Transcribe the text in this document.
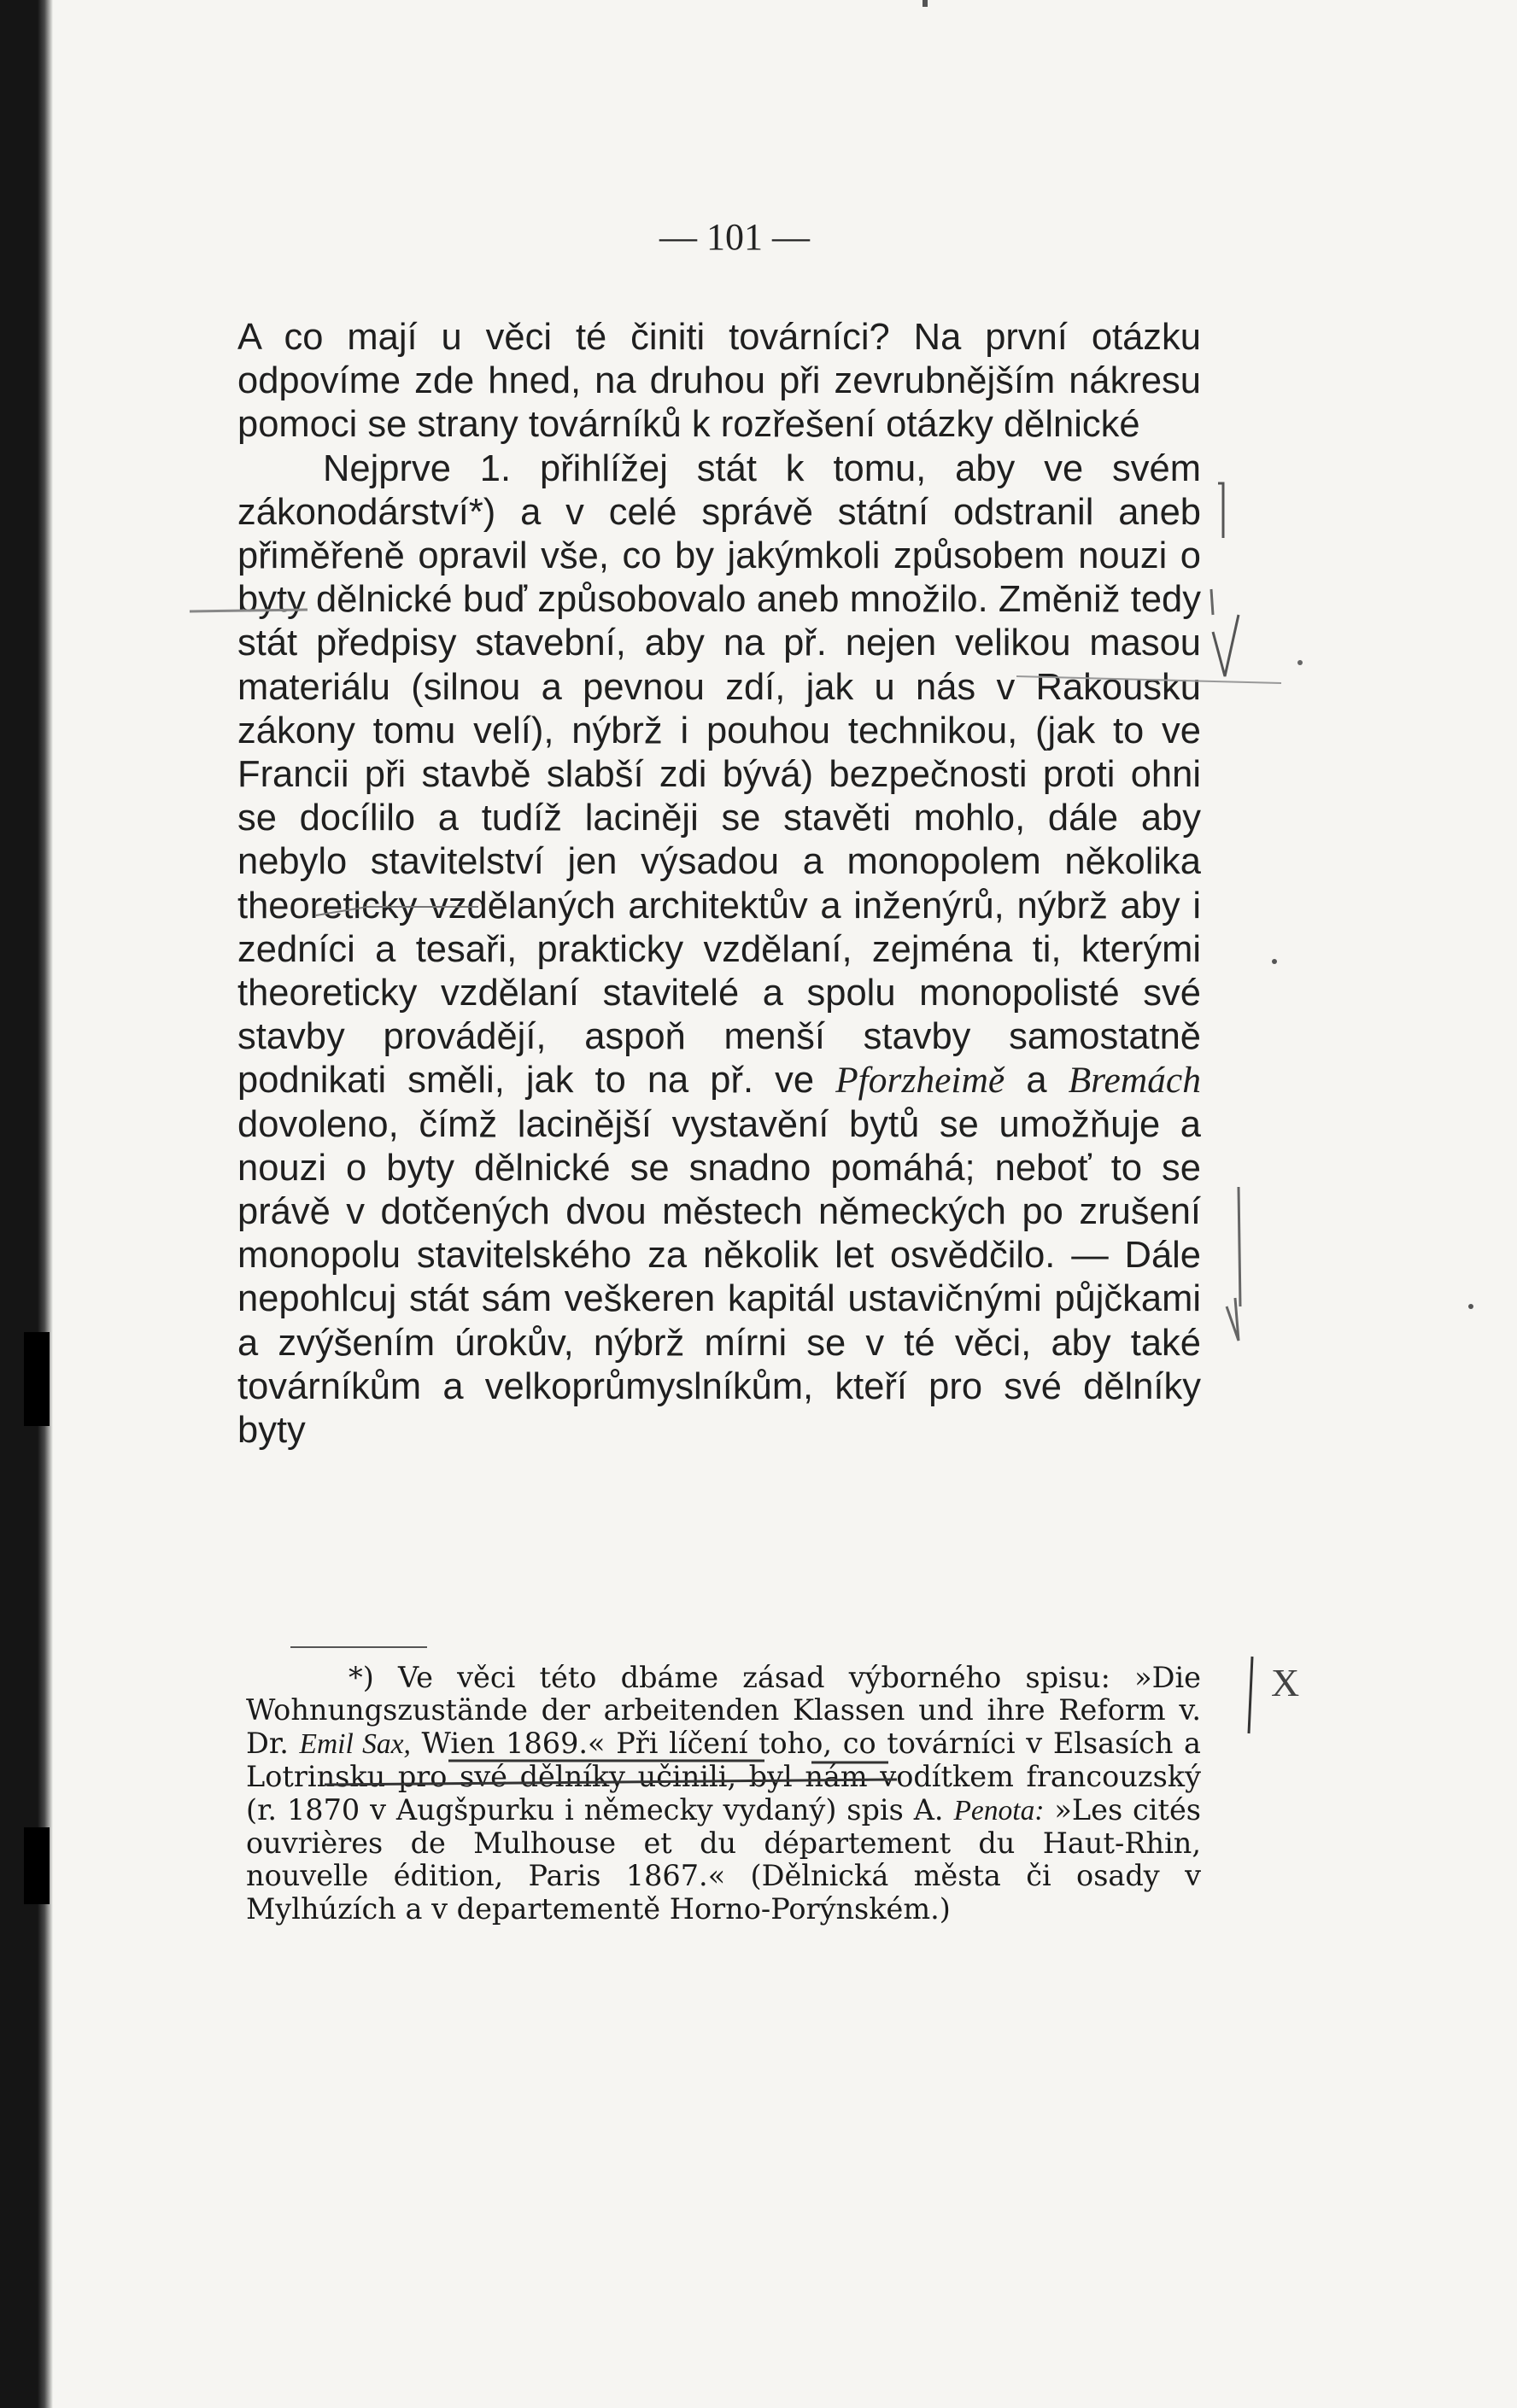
— 101 —

A co mají u věci té činiti továrníci? Na první otázku odpovíme zde hned, na druhou při zevrubnějším nákresu pomoci se strany továrníků k rozřešení otázky dělnické

Nejprve 1. přihlížej stát k tomu, aby ve svém zákonodárství*) a v celé správě státní odstranil aneb přiměřeně opravil vše, co by jakýmkoli způsobem nouzi o byty dělnické buď způsobovalo aneb množilo. Změniž tedy stát předpisy stavební, aby na př. nejen velikou masou materiálu (silnou a pevnou zdí, jak u nás v Rakousku zákony tomu velí), nýbrž i pouhou technikou, (jak to ve Francii při stavbě slabší zdi bývá) bezpečnosti proti ohni se docílilo a tudíž laciněji se stavěti mohlo, dále aby nebylo stavitelství jen výsadou a monopolem několika theoreticky vzdělaných architektův a inženýrů, nýbrž aby i zedníci a tesaři, prakticky vzdělaní, zejména ti, kterými theoreticky vzdělaní stavitelé a spolu monopolisté své stavby provádějí, aspoň menší stavby samostatně podnikati směli, jak to na př. ve Pforzheimě a Bremách dovoleno, čímž lacinější vystavění bytů se umožňuje a nouzi o byty dělnické se snadno pomáhá; neboť to se právě v dotčených dvou městech německých po zrušení monopolu stavitelského za několik let osvědčilo. — Dále nepohlcuj stát sám veškeren kapitál ustavičnými půjčkami a zvýšením úrokův, nýbrž mírni se v té věci, aby také továrníkům a velkoprůmyslníkům, kteří pro své dělníky byty

*) Ve věci této dbáme zásad výborného spisu: »Die Wohnungszustände der arbeitenden Klassen und ihre Reform v. Dr. Emil Sax, Wien 1869.« Při líčení toho, co továrníci v Elsasích a Lotrinsku pro své dělníky učinili, byl nám vodítkem francouzský (r. 1870 v Augšpurku i německy vydaný) spis A. Penota: »Les cités ouvrières de Mulhouse et du département du Haut-Rhin, nouvelle édition, Paris 1867.« (Dělnická města či osady v Mylhúzích a v departementě Horno-Porýnském.)

X
